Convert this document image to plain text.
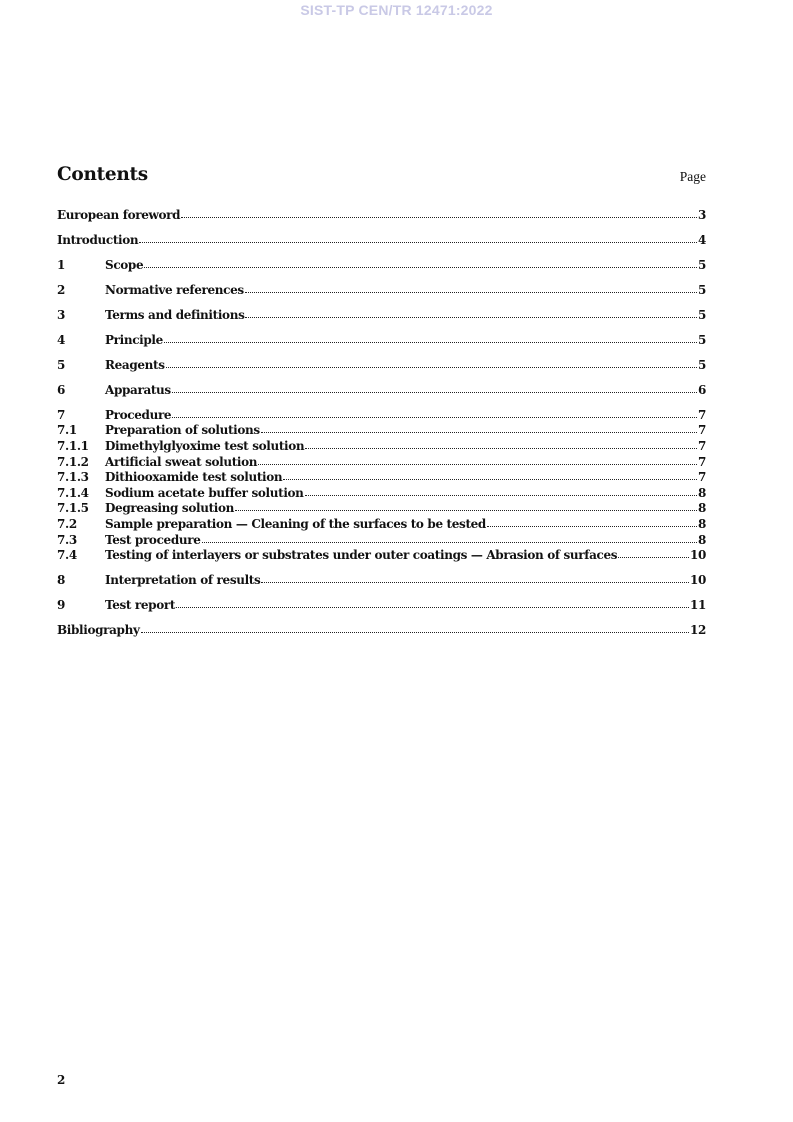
SIST-TP CEN/TR 12471:2022
Contents	Page
European foreword	3
Introduction	4
1	Scope	5
2	Normative references	5
3	Terms and definitions	5
4	Principle	5
5	Reagents	5
6	Apparatus	6
7	Procedure	7
7.1	Preparation of solutions	7
7.1.1	Dimethylglyoxime test solution	7
7.1.2	Artificial sweat solution	7
7.1.3	Dithiooxamide test solution	7
7.1.4	Sodium acetate buffer solution	8
7.1.5	Degreasing solution	8
7.2	Sample preparation — Cleaning of the surfaces to be tested	8
7.3	Test procedure	8
7.4	Testing of interlayers or substrates under outer coatings — Abrasion of surfaces	10
8	Interpretation of results	10
9	Test report	11
Bibliography	12
2
